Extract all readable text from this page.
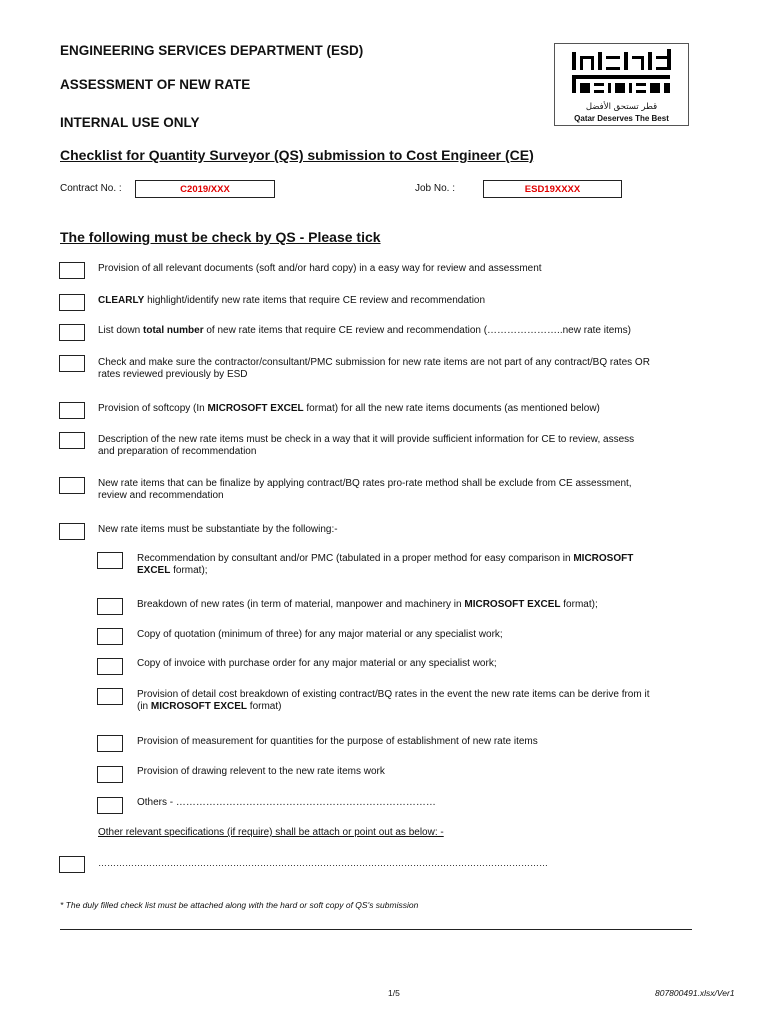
ENGINEERING SERVICES DEPARTMENT (ESD)
ASSESSMENT OF NEW RATE
INTERNAL USE ONLY
Checklist for Quantity Surveyor (QS) submission to Cost Engineer (CE)
قطر تستحق الأفضل
Qatar Deserves The Best
Contract No. :	C2019/XXX	Job No. :	ESD19XXXX
The following must be check by QS - Please tick
Provision of all relevant documents (soft and/or hard copy) in a easy way for review and assessment
CLEARLY highlight/identify new rate items that require CE review and recommendation
List down total number of new rate items that require CE review and recommendation (…………………..new rate items)
Check and make sure the contractor/consultant/PMC submission for new rate items are not part of any contract/BQ rates OR
rates reviewed previously by ESD
Provision of softcopy (In MICROSOFT EXCEL format) for all the new rate items documents (as mentioned below)
Description of the new rate items must be check in a way that it will provide sufficient information for CE to review, assess
and preparation of recommendation
New rate items that can be finalize by applying contract/BQ rates pro-rate method shall be exclude from CE assessment,
review and recommendation
New rate items must be substantiate by the following:-
Recommendation by consultant and/or PMC (tabulated in a proper method for easy comparison in MICROSOFT
EXCEL format);
Breakdown of new rates (in term of material, manpower and machinery in MICROSOFT EXCEL format);
Copy of quotation (minimum of three) for any major material or any specialist work;
Copy of invoice with purchase order for any major material or any specialist work;
Provision of detail cost breakdown of existing contract/BQ rates in the event the new rate items can be derive from it
(in MICROSOFT EXCEL format)
Provision of measurement for quantities for the purpose of establishment of new rate items
Provision of drawing relevent to the new rate items work
Others - ……………………………………………………………………
Other relevant specifications (if require) shall be attach or point out as below: -
……………………………………………………………………………………………………………………………………
* The duly filled check list must be attached along with the hard or soft copy of QS's submission
1/5	807800491.xlsx/Ver1
